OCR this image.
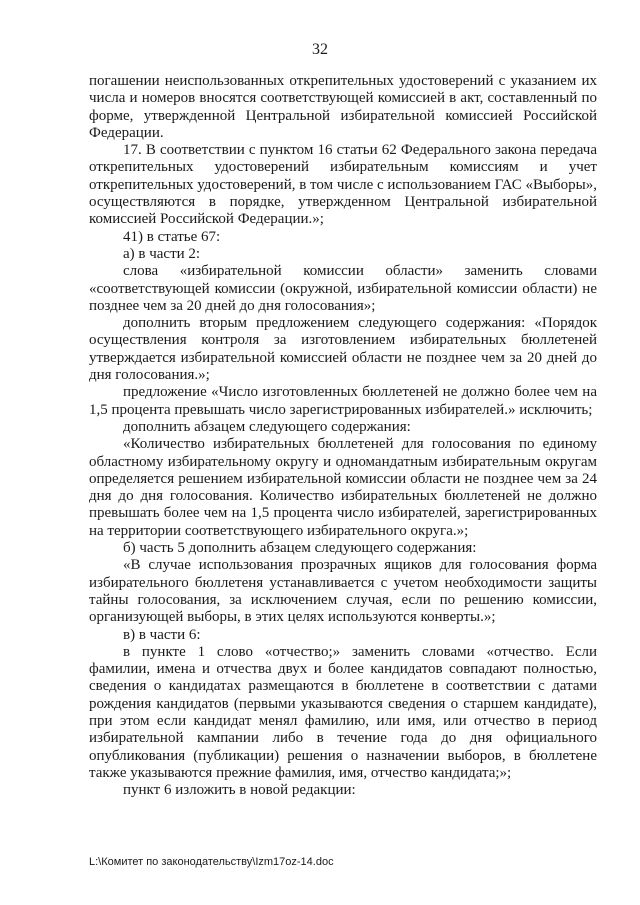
32

погашении неиспользованных открепительных удостоверений с указанием их числа и номеров вносятся соответствующей комиссией в акт, составленный по форме, утвержденной Центральной избирательной комиссией Российской Федерации.

17. В соответствии с пунктом 16 статьи 62 Федерального закона передача открепительных удостоверений избирательным комиссиям и учет открепительных удостоверений, в том числе с использованием ГАС «Выборы», осуществляются в порядке, утвержденном Центральной избирательной комиссией Российской Федерации.»;

41) в статье 67:

а) в части 2:

слова «избирательной комиссии области» заменить словами «соответствующей комиссии (окружной, избирательной комиссии области) не позднее чем за 20 дней до дня голосования»;

дополнить вторым предложением следующего содержания: «Порядок осуществления контроля за изготовлением избирательных бюллетеней утверждается избирательной комиссией области не позднее чем за 20 дней до дня голосования.»;

предложение «Число изготовленных бюллетеней не должно более чем на 1,5 процента превышать число зарегистрированных избирателей.» исключить;

дополнить абзацем следующего содержания:

«Количество избирательных бюллетеней для голосования по единому областному избирательному округу и одномандатным избирательным округам определяется решением избирательной комиссии области не позднее чем за 24 дня до дня голосования. Количество избирательных бюллетеней не должно превышать более чем на 1,5 процента число избирателей, зарегистрированных на территории соответствующего избирательного округа.»;

б) часть 5 дополнить абзацем следующего содержания:

«В случае использования прозрачных ящиков для голосования форма избирательного бюллетеня устанавливается с учетом необходимости защиты тайны голосования, за исключением случая, если по решению комиссии, организующей выборы, в этих целях используются конверты.»;

в) в части 6:

в пункте 1 слово «отчество;» заменить словами «отчество. Если фамилии, имена и отчества двух и более кандидатов совпадают полностью, сведения о кандидатах размещаются в бюллетене в соответствии с датами рождения кандидатов (первыми указываются сведения о старшем кандидате), при этом если кандидат менял фамилию, или имя, или отчество в период избирательной кампании либо в течение года до дня официального опубликования (публикации) решения о назначении выборов, в бюллетене также указываются прежние фамилия, имя, отчество кандидата;»;

пункт 6 изложить в новой редакции:

L:\Комитет по законодательству\Izm17oz-14.doc
